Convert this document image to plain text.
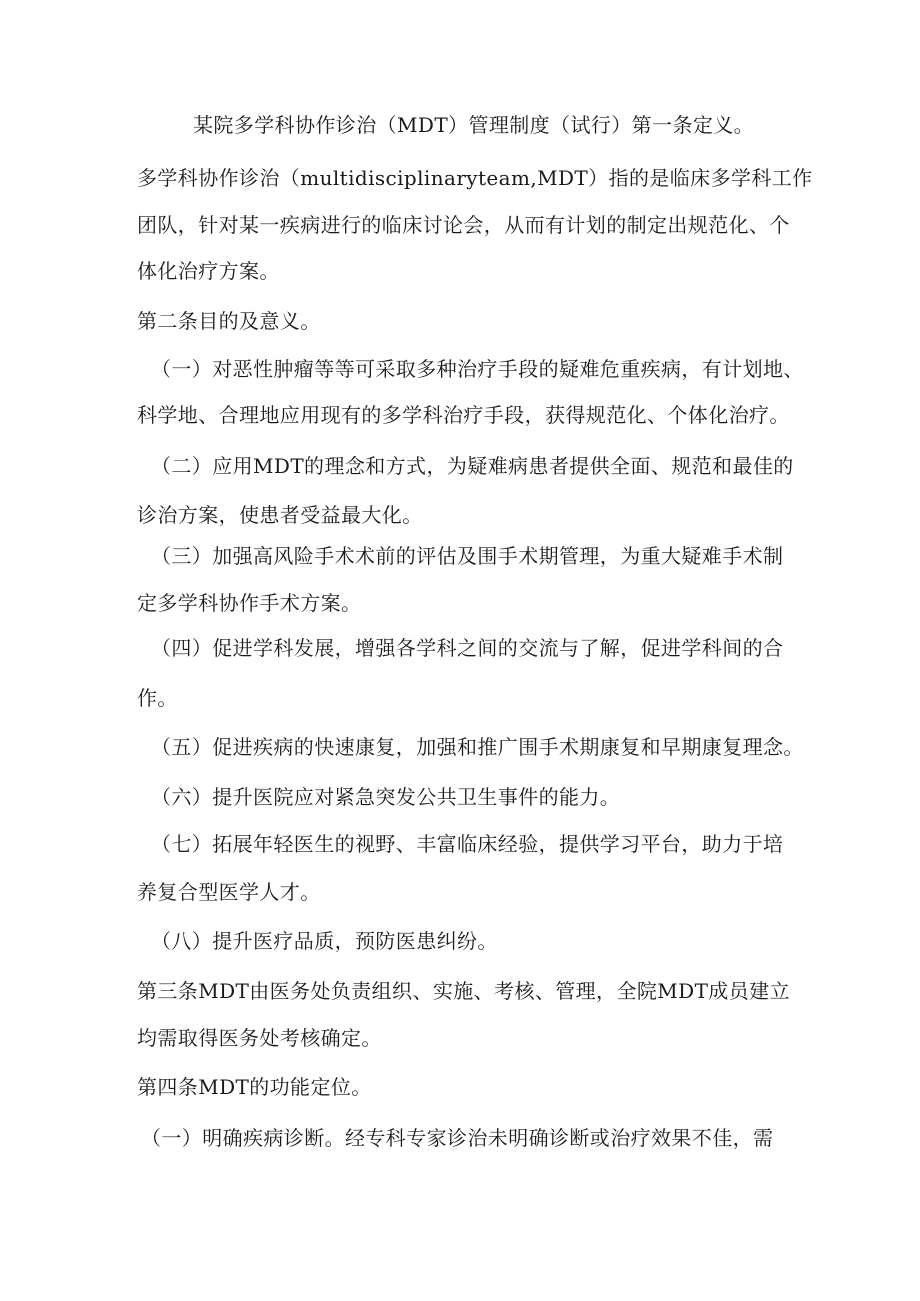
某院多学科协作诊治（MDT）管理制度（试行）第一条定义。
多学科协作诊治（multidisciplinaryteam,MDT）指的是临床多学科工作
团队，针对某一疾病进行的临床讨论会，从而有计划的制定出规范化、个
体化治疗方案。
第二条目的及意义。
（一）对恶性肿瘤等等可采取多种治疗手段的疑难危重疾病，有计划地、
科学地、合理地应用现有的多学科治疗手段，获得规范化、个体化治疗。
（二）应用MDT的理念和方式，为疑难病患者提供全面、规范和最佳的
诊治方案，使患者受益最大化。
（三）加强高风险手术术前的评估及围手术期管理，为重大疑难手术制
定多学科协作手术方案。
（四）促进学科发展，增强各学科之间的交流与了解，促进学科间的合
作。
（五）促进疾病的快速康复，加强和推广围手术期康复和早期康复理念。
（六）提升医院应对紧急突发公共卫生事件的能力。
（七）拓展年轻医生的视野、丰富临床经验，提供学习平台，助力于培
养复合型医学人才。
（八）提升医疗品质，预防医患纠纷。
第三条MDT由医务处负责组织、实施、考核、管理，全院MDT成员建立
均需取得医务处考核确定。
第四条MDT的功能定位。
（一）明确疾病诊断。经专科专家诊治未明确诊断或治疗效果不佳，需
